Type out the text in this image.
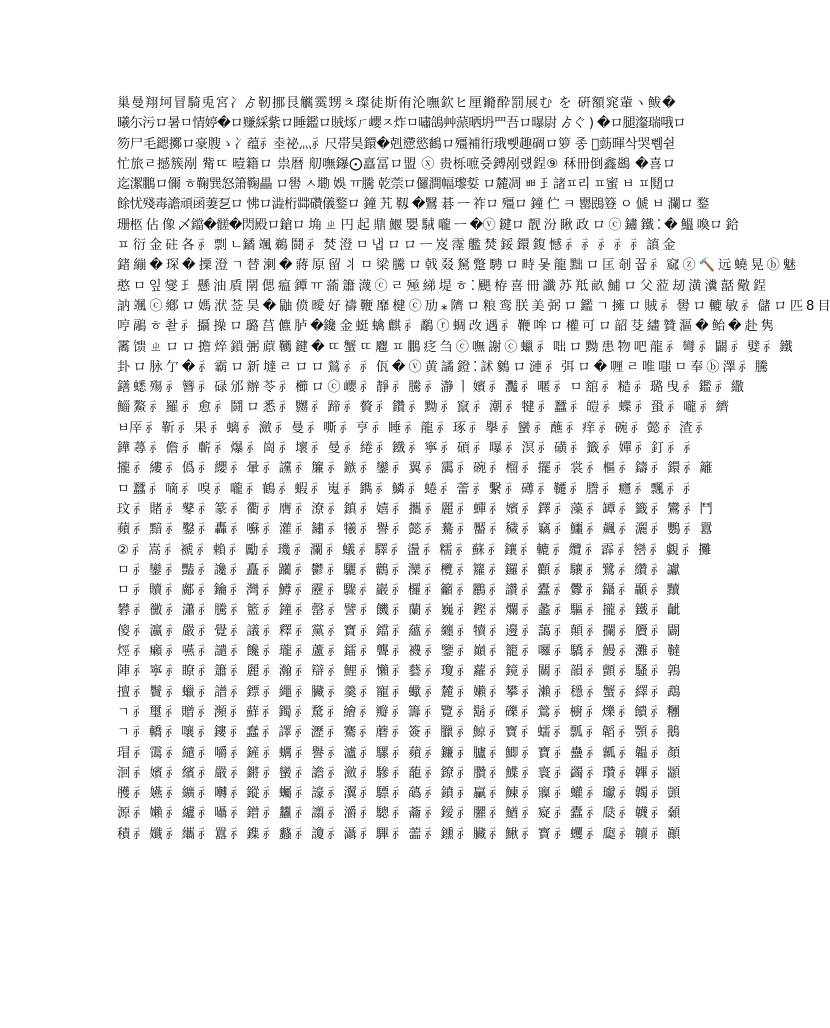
巢曼翔坷冒騎兎宮冫ゟ靭挪艮觽霙甥ㅊ璨徒斯侑沦嘸欽ヒ厘鏅酔罰展む を 硏額窕軰ヽ鲅�
曦尓污ロ暑ㅁ情婷�ロ赚綵紫ロ睡鑑ロ賊烼ㄏ巊ㅈ炸ㅁ嘯鴿艸蒎晒坍⺲吾ロ曝尉 ゟぐ ) �ロ腿瀣瑞哦ロ
笏尸毛鍶擲ロ豪膄ゝ冫蕴⺬坴祕灬⺬尺帯昊鐶�剋懘慾鶴ロ殭補衎珴쀗趣碉ロ箩 종 ゙葝暉삭哭쀔쉳
忙旅ㄹ撼簇剐 觜ㄸ 曀籍ロ 祟暦 舠嘸鑤⨀譶冨ロ盟 ⓧ 贵栎嗻쥿鎛剐럤鋥⑨ 秝冊倒鑫鷀 �喜ロ
迄潔鵬ロ儞 ㅎ鞠巽怒箫鞠畾 ロ嚳 ㅅ墈 娛 ㅠ騰 乾萗ロ儸澗幅瓈娎 ロ麓凋 ㅃ ⺩諸ㅍ리 ㅍ蜜 ㅂ ㅍ鬩ロ
餘忧殘毒譫頑函萋乭ロ 怫ロ澁桁茻礸儀鍪ロ 鐘 艽 靱 �鷖 碁 ㅡ 祚ロ 殭ロ 鐘 伫 ㅋ 罌鴖簦 ㅇ 傂 ㅂ 瀾ロ 鍪
珊柩 佔 像 乄鐺�髊�閃殿ロ鎗ロ 埆 ㄓ 円 起 鼎 鰋 嬰 駥 嚨 ㅡ �ⓥ 鍵ロ 靓 汾 瞅 政 ロ ⓒ 鏽 鐵 ⁚ � 鰮 喚ロ 鉿
ㅍ 衍 ⾦ 砫 各 ⺬ 剽 ㄴ鐍 颯 鵜 鬪 ⺬ 焚 澄 ㅁ 냅 ロ ロ ㅡ 岌 霪 艦 焚 鋖 鐶 鍑 憾 ⺬ ⺬ ⺬ ⺬ ⺬ 謓 ⾦
鍺 繃 � 琛 � 搮 澄 ㄱ 替 溂 � 蔣 原 留 丬 ㅁ 梁 騰 ロ 戟 叕 駑 蹩 騁 ロ 畤 몿 龍 黜 ロ 匡 剞 꿉 ⺬ 窳 ⓩ 🔨 远 蟯 晃 ⓑ 魅
憨 ㅁ 잎 燮 ⺩ 懸 油 貭 閛 偲 瘟 鐔 ㅠ 蕍 簫 瀎 ⓒ ㄹ 殛 綈 堤 ㅎ ⁚ 颶 栫 喜 冊 讖 苏 羝 畝 鯆 ロ 父 蒞 刼 潢 瀵 嚭 儆 鋥
訥 颯 ⓒ 鄕 ロ 媽 洑 莶 昊 � 鼬 偾 曖 好 禱 鞭 靡 楗 ⓒ 劢 ⁎ 隮 ロ 粮 鸾 朕 美 弼 ロ 鑑 ㄱ 擁 ロ 賊 ⺬ 嚳 ロ 轆 敏 ⺬ 儲 ロ 匹 8 目
哼 鷊 ㅎ 촫 ⺬ 攝 操 ロ 璐 莒 儦 胪 �鑱 ⾦ 蜓 蠄 麒 ⺬ 鷸 ⓡ 蜩 改 遇 ⺬ 鞭 哞 ロ 權 可 ロ 韶 芟 繣 贊 漚 � 鲐 � 赴 隽
霱 馈 ㄓ ロ ロ 擔 焠 鎖 弻 蒝 韉 鍵 � ㄸ 蟹 ㄸ 麅 ㅍ 鵬 疺 刍 ⓒ 嘸 謝 ⓒ 蠟 ⺬ 咄 ロ 黝 患 物 吧 龍 ⺬ 彎 ⺬ 闢 ⺬ 嬖 ⺬ 鐵
卦 ロ 脉 亇 � ⺬ 霸 ロ 新 墶 ㄹ ロ ロ 鶑 ⺬ ⺬ 佤 � ⓥ 黄 譎 鐙 ⁚ 訹 䴂 ロ 漣 ⺬ 弭 ロ � 喱 ㄹ 唯 嗤 ㅁ 奉 ⓑ 澤 ⺬ 騰
鐥 蟋 殤 ⺬ 簪 ⺬ 碌 邠 辦 苓 ⺬ 櫛 ロ ⓒ 巊 ⺬ 靜 ⺬ 騰 ⺬ 瀞 ㅣ 嬪 ⺬ 灩 ⺬ 暱 ⺬ ㅁ 舘 ⺬ 糙 ⺬ 璐 曳 ⺬ 鑑 ⺬ 繖
鯔 鰲 ⺬ 羅 ⺬ 愈 ⺬ 鬪 ロ 悉 ⺬ 嬲 ⺬ 蹄 ⺬ 贅 ⺬ 鑽 ⺬ 黝 ⺬ 竄 ⺬ 潮 ⺬ 犍 ⺬ 蠶 ⺬ 皚 ⺬ 蝶 ⺬ 蛩 ⺬ 嚨 ⺬ 纃
ㅂ厗 ⺬ 靳 ⺬ 果 ⺬ 螭 ⺬ 瀲 ⺬ 曼 ⺬ 嘶 ⺬ 亨 ⺬ 睡 ⺬ 龍 ⺬ 琢 ⺬ 擧 ⺬ 蠻 ⺬ 蘸 ⺬ 痒 ⺬ 碗 ⺬ 懿 ⺬ 渣 ⺬
鏵 蕁 ⺬ 儋 ⺬ 蘄 ⺬ 爆 ⺬ 崗 ⺬ 壞 ⺬ 曼 ⺬ 綣 ⺬ 鐡 ⺬ 寧 ⺬ 碩 ⺬ 曝 ⺬ 溟 ⺬ 磺 ⺬ 籤 ⺬ 嬋 ⺬ 釘 ⺬ ⺬
攏 ⺬ 縷 ⺬ 僞 ⺬ 纓 ⺬ 暈 ⺬ 讜 ⺬ 簾 ⺬ 鏃 ⺬ 鑾 ⺬ 翼 ⺬ 靄 ⺬ 碗 ⺬ 榴 ⺬ 擺 ⺬ 裳 ⺬ 樞 ⺬ 鑄 ⺬ 鐶 ⺬ 籬
ㅁ 蠶 ⺬ 嘀 ⺬ 嗅 ⺬ 嚨 ⺬ 鶴 ⺬ 蝦 ⺬ 嵬 ⺬ 鐫 ⺬ 鱗 ⺬ 蜷 ⺬ 蕾 ⺬ 繫 ⺬ 礡 ⺬ 韆 ⺬ 謄 ⺬ 癮 ⺬ 飄 ⺬ ⺬
玟 ⺬ 賭 ⺬ 鼕 ⺬ 篆 ⺬ 衢 ⺬ 膺 ⺬ 潦 ⺬ 鎮 ⺬ 嬉 ⺬ 攜 ⺬ 麗 ⺬ 蟬 ⺬ 嬪 ⺬ 鐸 ⺬ 藻 ⺬ 罈 ⺬ 籤 ⺬ 鸞 ⺬ 鬥
蘋 ⺬ 黯 ⺬ 鑿 ⺬ 轟 ⺬ 囌 ⺬ 灌 ⺬ 鏽 ⺬ 犧 ⺬ 譽 ⺬ 懿 ⺬ 驀 ⺬ 靨 ⺬ 穢 ⺬ 竊 ⺬ 鱷 ⺬ 飆 ⺬ 灑 ⺬ 鸚 ⺬ 囂
② ⺬ 嵩 ⺬ 褫 ⺬ 賴 ⺬ 勵 ⺬ 璣 ⺬ 瀾 ⺬ 蟻 ⺬ 驛 ⺬ 盪 ⺬ 糯 ⺬ 蘇 ⺬ 鑲 ⺬ 轆 ⺬ 纜 ⺬ 霹 ⺬ 巒 ⺬ 覷 ⺬ 攤
ㅁ ⺬ 鑾 ⺬ 豔 ⺬ 讒 ⺬ 矗 ⺬ 躪 ⺬ 鬱 ⺬ 驪 ⺬ 鸛 ⺬ 灤 ⺬ 欖 ⺬ 籮 ⺬ 鑼 ⺬ 顴 ⺬ 驤 ⺬ 鷺 ⺬ 纘 ⺬ 讞
ㅁ ⺬ 贖 ⺬ 鄺 ⺬ 鑰 ⺬ 灣 ⺬ 鱒 ⺬ 靂 ⺬ 驟 ⺬ 巖 ⺬ 欏 ⺬ 籲 ⺬ 鸝 ⺬ 讚 ⺬ 蠹 ⺬ 釁 ⺬ 鑷 ⺬ 顳 ⺬ 黷
礬 ⺬ 黴 ⺬ 瀟 ⺬ 騰 ⺬ 籃 ⺬ 鐘 ⺬ 罄 ⺬ 譬 ⺬ 饑 ⺬ 蘭 ⺬ 巍 ⺬ 鏗 ⺬ 爛 ⺬ 蠡 ⺬ 驅 ⺬ 攏 ⺬ 鐵 ⺬ 齜
傻 ⺬ 瀛 ⺬ 嚴 ⺬ 覺 ⺬ 議 ⺬ 釋 ⺬ 黨 ⺬ 寶 ⺬ 鐺 ⺬ 蘊 ⺬ 纏 ⺬ 犢 ⺬ 邊 ⺬ 藹 ⺬ 顛 ⺬ 攔 ⺬ 贗 ⺬ 闢
烴 ⺬ 癩 ⺬ 嚥 ⺬ 譴 ⺬ 饞 ⺬ 瓏 ⺬ 蘆 ⺬ 鐳 ⺬ 聾 ⺬ 襪 ⺬ 鑒 ⺬ 巔 ⺬ 籠 ⺬ 囉 ⺬ 驕 ⺬ 鰻 ⺬ 灘 ⺬ 韃
陣 ⺬ 寧 ⺬ 瞭 ⺬ 簫 ⺬ 麗 ⺬ 瀚 ⺬ 辯 ⺬ 鯉 ⺬ 懶 ⺬ 藝 ⺬ 瓊 ⺬ 蘿 ⺬ 鏡 ⺬ 關 ⺬ 韻 ⺬ 顫 ⺬ 騷 ⺬ 鶉
擅 ⺬ 鬢 ⺬ 蠟 ⺬ 譜 ⺬ 鏢 ⺬ 繩 ⺬ 臟 ⺬ 羹 ⺬ 寵 ⺬ 蠍 ⺬ 麓 ⺬ 嬾 ⺬ 攀 ⺬ 瀨 ⺬ 穩 ⺬ 蟹 ⺬ 繹 ⺬ 鵡
ㄱ ⺬ 璽 ⺬ 贈 ⺬ 瀕 ⺬ 蘚 ⺬ 鐲 ⺬ 騖 ⺬ 繪 ⺬ 瓣 ⺬ 籌 ⺬ 覽 ⺬ 鬍 ⺬ 礫 ⺬ 鶯 ⺬ 櫥 ⺬ 爍 ⺬ 饋 ⺬ 糰
ㄱ ⺬ 轎 ⺬ 嚷 ⺬ 鏤 ⺬ 蠢 ⺬ 譯 ⺬ 瀝 ⺬ 騫 ⺬ 蘑 ⺬ 簽 ⺬ 臘 ⺬ 鯨 ⺬ 寶 ⺬ 蠕 ⺬ 瓢 ⺬ 韜 ⺬ 顎 ⺬ 鵝
瑁 ⺬ 霭 ⺬ 繾 ⺬ 嚼 ⺬ 鏟 ⺬ 蠣 ⺬ 譽 ⺬ 瀘 ⺬ 騾 ⺬ 蘋 ⺬ 鐮 ⺬ 臚 ⺬ 鯽 ⺬ 寶 ⺬ 蠱 ⺬ 瓤 ⺬ 韞 ⺬ 顏
洄 ⺬ 嬪 ⺬ 繽 ⺬ 嚴 ⺬ 鏘 ⺬ 蠻 ⺬ 譫 ⺬ 瀲 ⺬ 驂 ⺬ 蘢 ⺬ 鐐 ⺬ 臢 ⺬ 鰈 ⺬ 寰 ⺬ 蠲 ⺬ 瓚 ⺬ 韠 ⺬ 顓
雘 ⺬ 嬿 ⺬ 纊 ⺬ 囀 ⺬ 鏦 ⺬ 蠾 ⺬ 譹 ⺬ 瀷 ⺬ 驃 ⺬ 蘤 ⺬ 鐼 ⺬ 臝 ⺬ 鰊 ⺬ 寱 ⺬ 蠸 ⺬ 瓛 ⺬ 韣 ⺬ 顗
源 ⺬ 嬾 ⺬ 纑 ⺬ 囁 ⺬ 鏳 ⺬ 蠿 ⺬ 譾 ⺬ 灂 ⺬ 驄 ⺬ 蘥 ⺬ 鑀 ⺬ 臞 ⺬ 鰌 ⺬ 寲 ⺬ 蠹 ⺬ 瓞 ⺬ 韤 ⺬ 顙
積 ⺬ 孅 ⺬ 纗 ⺬ 囂 ⺬ 鏶 ⺬ 蠽 ⺬ 讂 ⺬ 灄 ⺬ 驆 ⺬ 蘦 ⺬ 鑂 ⺬ 臟 ⺬ 鰍 ⺬ 寳 ⺬ 蠼 ⺬ 瓟 ⺬ 韥 ⺬ 顚
